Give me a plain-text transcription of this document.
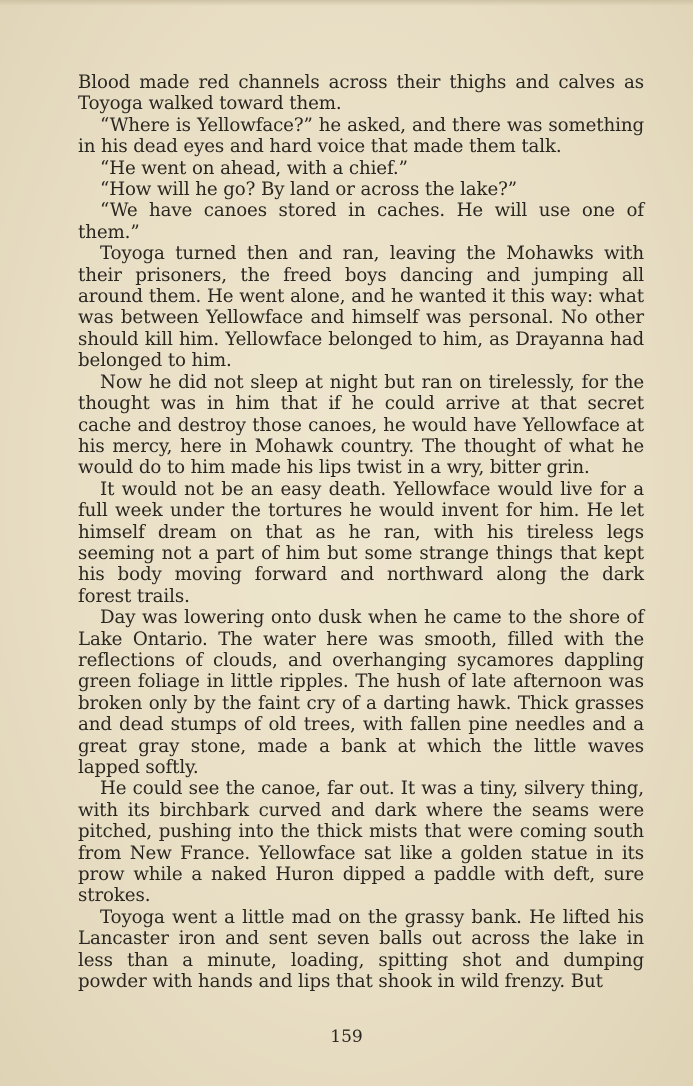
Blood made red channels across their thighs and calves as Toyoga walked toward them.

“Where is Yellowface?” he asked, and there was something in his dead eyes and hard voice that made them talk.

“He went on ahead, with a chief.”

“How will he go? By land or across the lake?”

“We have canoes stored in caches. He will use one of them.”

Toyoga turned then and ran, leaving the Mohawks with their prisoners, the freed boys dancing and jumping all around them. He went alone, and he wanted it this way: what was between Yellowface and himself was personal. No other should kill him. Yellowface belonged to him, as Drayanna had belonged to him.

Now he did not sleep at night but ran on tirelessly, for the thought was in him that if he could arrive at that secret cache and destroy those canoes, he would have Yellowface at his mercy, here in Mohawk country. The thought of what he would do to him made his lips twist in a wry, bitter grin.

It would not be an easy death. Yellowface would live for a full week under the tortures he would invent for him. He let himself dream on that as he ran, with his tireless legs seeming not a part of him but some strange things that kept his body moving forward and northward along the dark forest trails.

Day was lowering onto dusk when he came to the shore of Lake Ontario. The water here was smooth, filled with the reflections of clouds, and overhanging sycamores dappling green foliage in little ripples. The hush of late afternoon was broken only by the faint cry of a darting hawk. Thick grasses and dead stumps of old trees, with fallen pine needles and a great gray stone, made a bank at which the little waves lapped softly.

He could see the canoe, far out. It was a tiny, silvery thing, with its birchbark curved and dark where the seams were pitched, pushing into the thick mists that were coming south from New France. Yellowface sat like a golden statue in its prow while a naked Huron dipped a paddle with deft, sure strokes.

Toyoga went a little mad on the grassy bank. He lifted his Lancaster iron and sent seven balls out across the lake in less than a minute, loading, spitting shot and dumping powder with hands and lips that shook in wild frenzy. But

159
